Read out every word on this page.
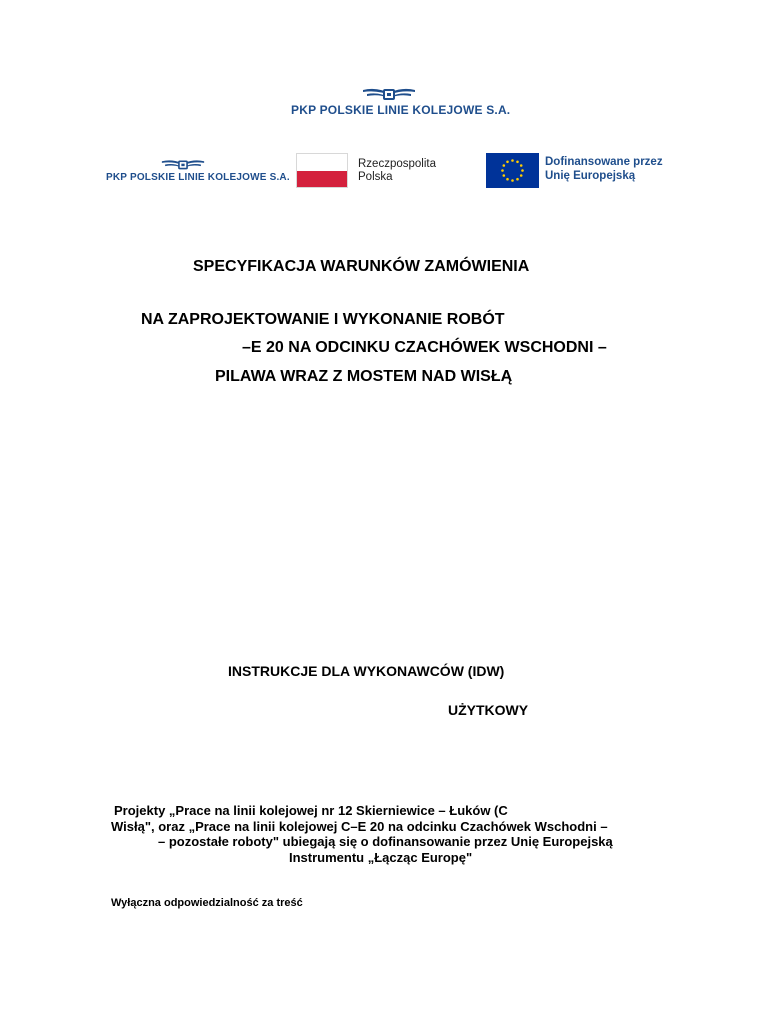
PKP POLSKIE LINIE KOLEJOWE S.A.
PKP POLSKIE LINIE KOLEJOWE S.A.
Rzeczpospolita
Polska
Dofinansowane przez
Unię Europejską
SPECYFIKACJA WARUNKÓW ZAMÓWIENIA
NA ZAPROJEKTOWANIE I WYKONANIE ROBÓT
–E 20 NA ODCINKU CZACHÓWEK WSCHODNI –
PILAWA WRAZ Z MOSTEM NAD WISŁĄ
INSTRUKCJE DLA WYKONAWCÓW (IDW)
UŻYTKOWY
Projekty „Prace na linii kolejowej nr 12 Skierniewice – Łuków (C
Wisłą", oraz „Prace na linii kolejowej C–E 20 na odcinku Czachówek Wschodni –
– pozostałe roboty" ubiegają się o dofinansowanie przez Unię Europejską
Instrumentu „Łącząc Europę"
Wyłączna odpowiedzialność za treść
